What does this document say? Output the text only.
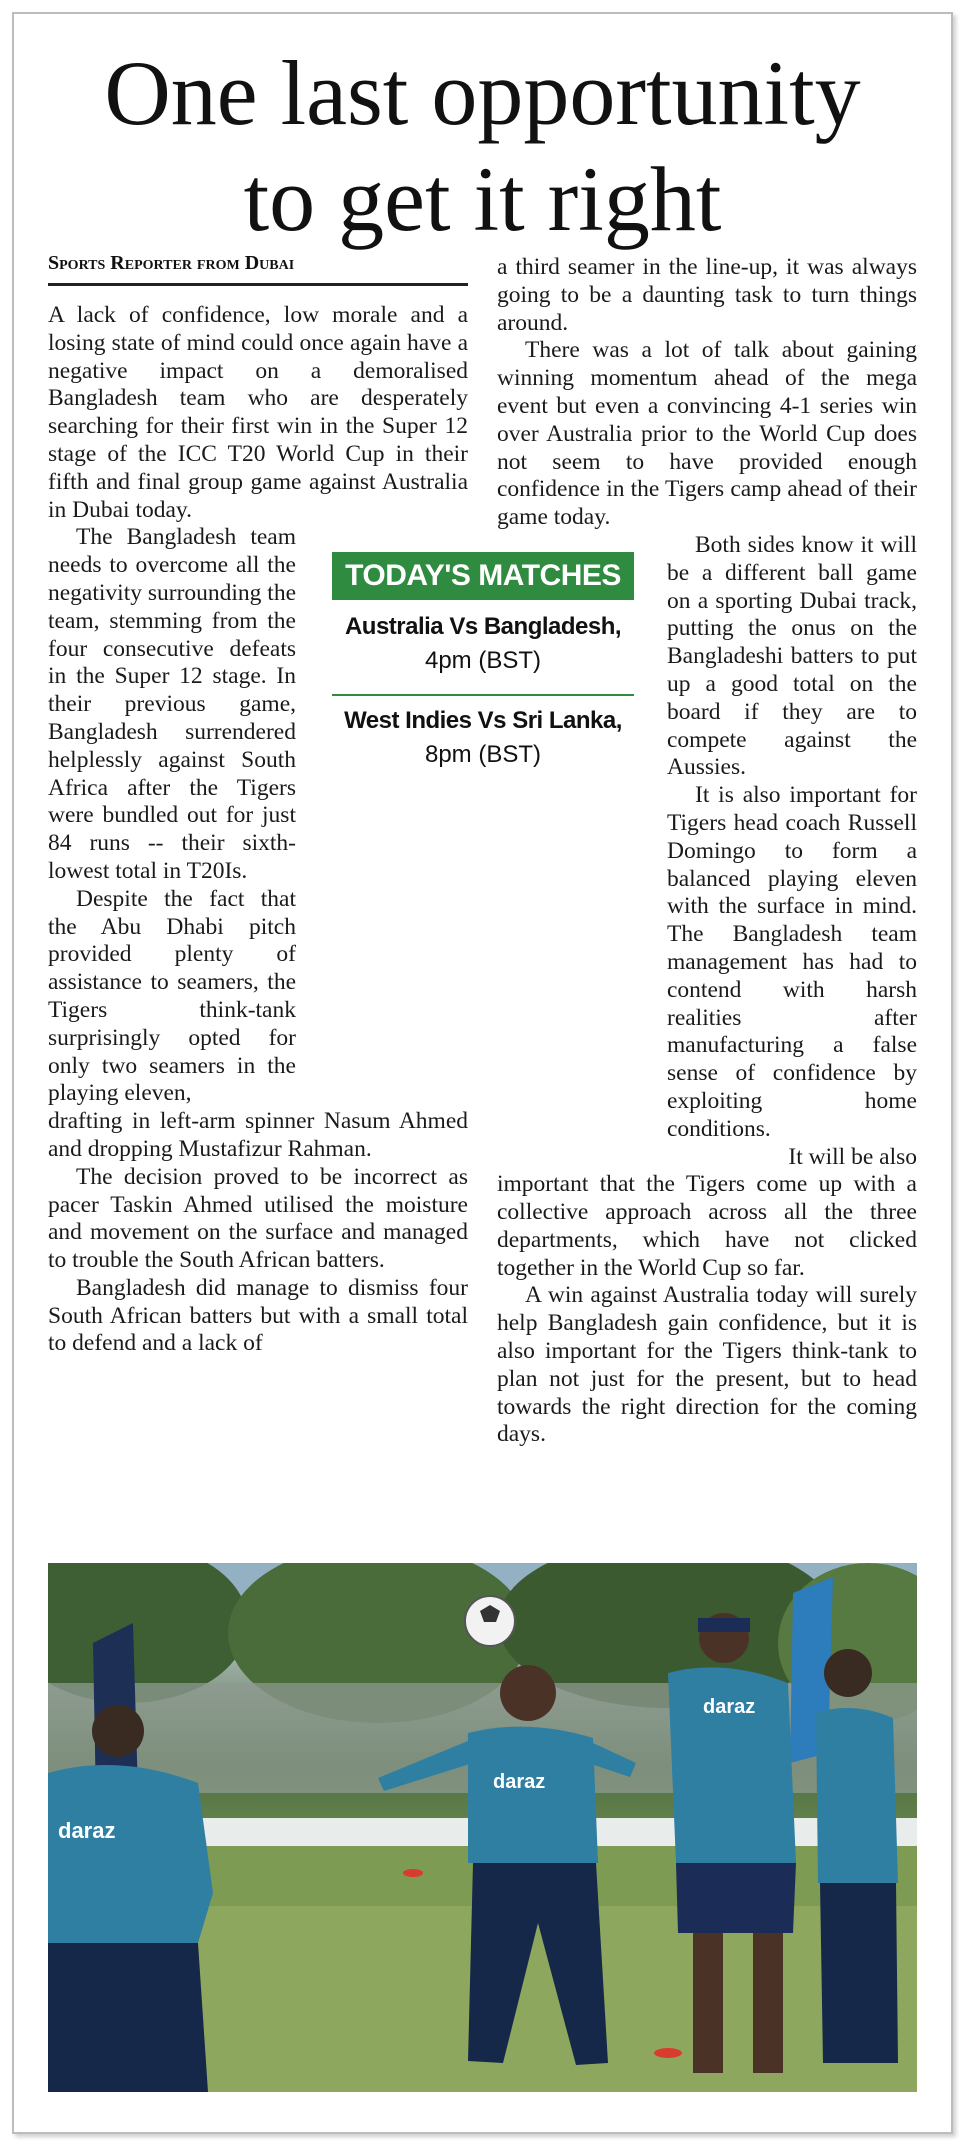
One last opportunity
to get it right
Sports Reporter from Dubai

A lack of confidence, low morale and a losing state of mind could once again have a negative impact on a demoralised Bangladesh team who are desperately searching for their first win in the Super 12 stage of the ICC T20 World Cup in their fifth and final group game against Australia in Dubai today.

The Bangladesh team needs to overcome all the negativity surrounding the team, stemming from the four consecutive defeats in the Super 12 stage. In their previous game, Bangladesh surrendered helplessly against South Africa after the Tigers were bundled out for just 84 runs -- their sixth-lowest total in T20Is.

Despite the fact that the Abu Dhabi pitch provided plenty of assistance to seamers, the Tigers think-tank surprisingly opted for only two seamers in the playing eleven,

drafting in left-arm spinner Nasum Ahmed and dropping Mustafizur Rahman.

The decision proved to be incorrect as pacer Taskin Ahmed utilised the moisture and movement on the surface and managed to trouble the South African batters.

Bangladesh did manage to dismiss four South African batters but with a small total to defend and a lack of

a third seamer in the line-up, it was always going to be a daunting task to turn things around.

There was a lot of talk about gaining winning momentum ahead of the mega event but even a convincing 4-1 series win over Australia prior to the World Cup does not seem to have provided enough confidence in the Tigers camp ahead of their game today.

Both sides know it will be a different ball game on a sporting Dubai track, putting the onus on the Bangladeshi batters to put up a good total on the board if they are to compete against the Aussies.

It is also important for Tigers head coach Russell Domingo to form a balanced playing eleven with the surface in mind. The Bangladesh team management has had to contend with harsh realities after manufacturing a false sense of confidence by exploiting home conditions.

It will be also

important that the Tigers come up with a collective approach across all the three departments, which have not clicked together in the World Cup so far.

A win against Australia today will surely help Bangladesh gain confidence, but it is also important for the Tigers think-tank to plan not just for the present, but to head towards the right direction for the coming days.

TODAY'S MATCHES
Australia Vs Bangladesh,
4pm (BST)
West Indies Vs Sri Lanka,
8pm (BST)
daraz
daraz
daraz
